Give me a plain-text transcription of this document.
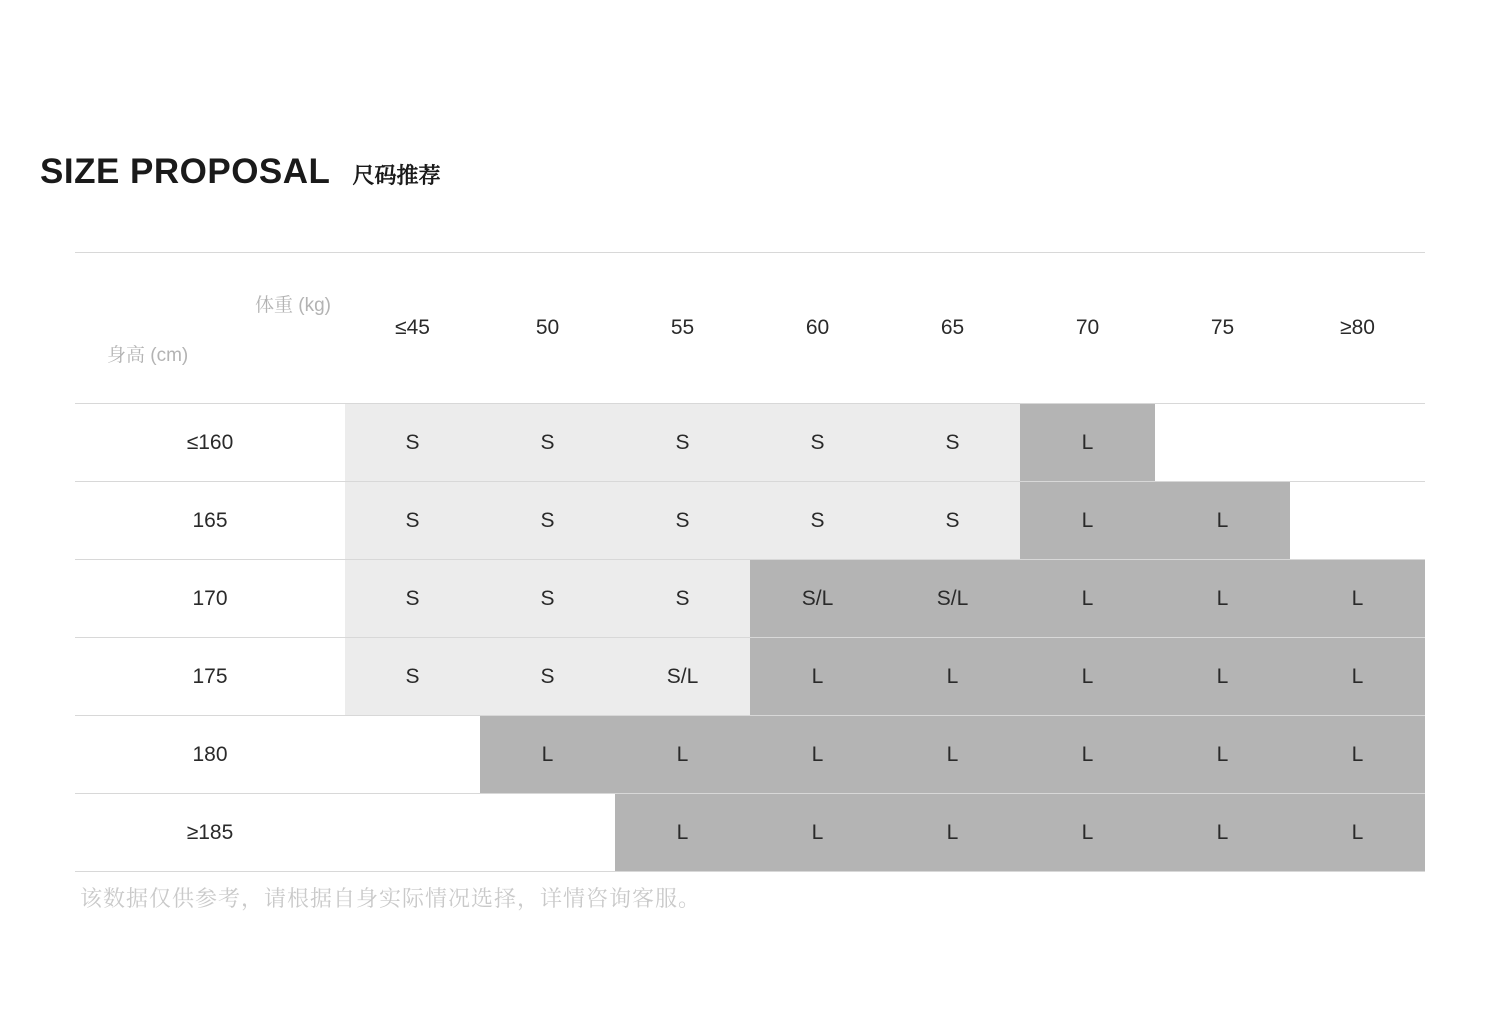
SIZE PROPOSAL 尺码推荐
体重 (kg)
身高 (cm)	≤45	50	55	60	65	70	75	≥80
≤160	S	S	S	S	S	L		
165	S	S	S	S	S	L	L	
170	S	S	S	S/L	S/L	L	L	L
175	S	S	S/L	L	L	L	L	L
180		L	L	L	L	L	L	L
≥185			L	L	L	L	L	L
该数据仅供参考，请根据自身实际情况选择，详情咨询客服。
